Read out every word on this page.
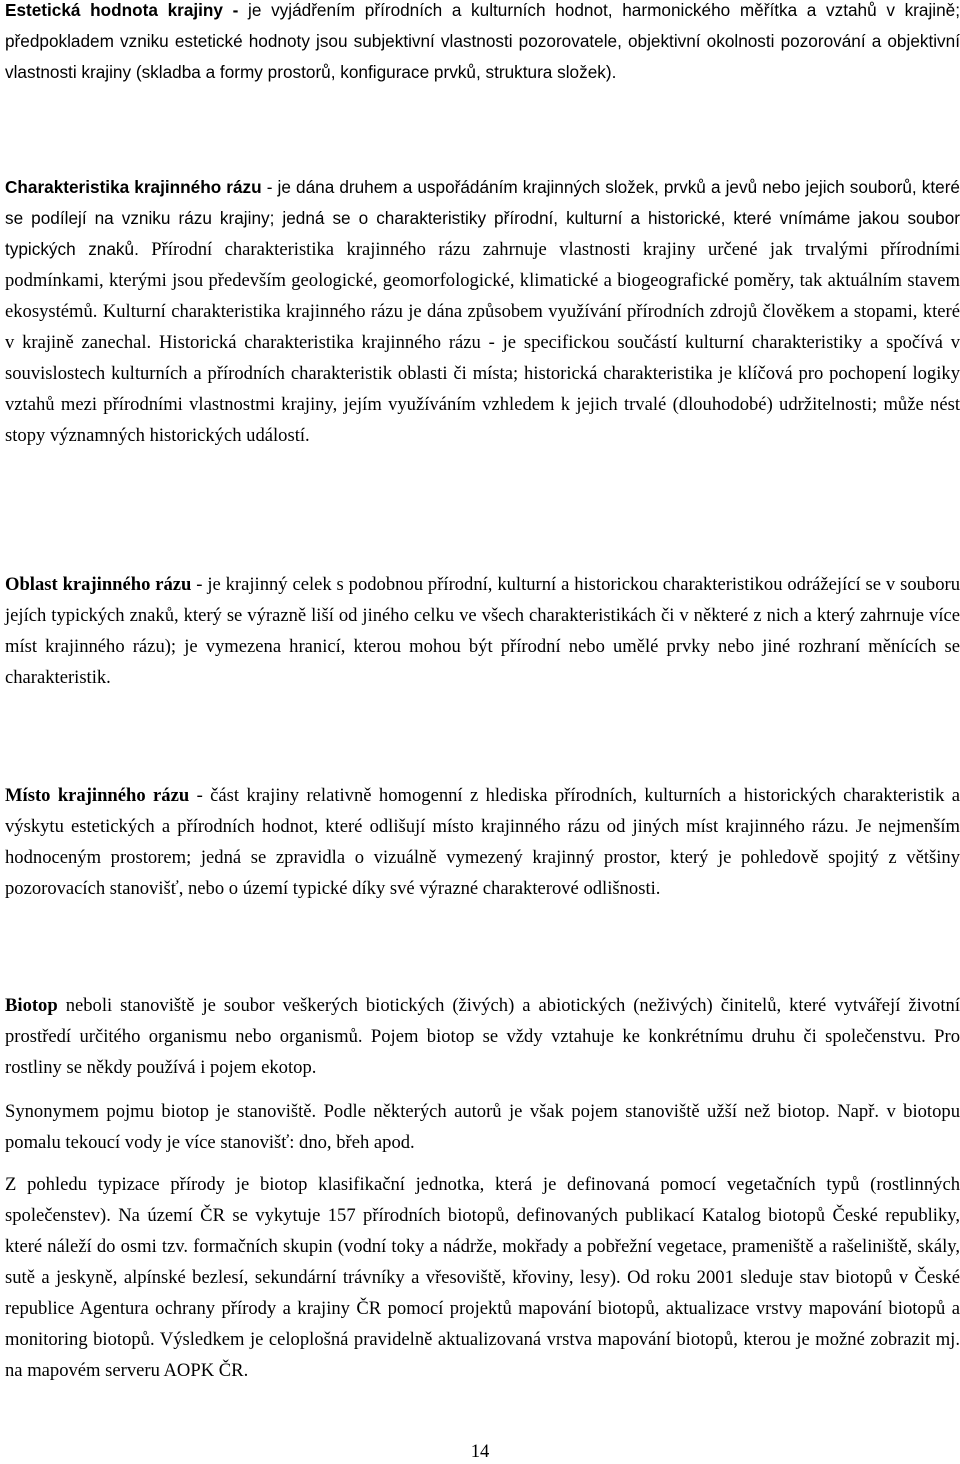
Estetická hodnota krajiny - je vyjádřením přírodních a kulturních hodnot, harmonického měřítka a vztahů v krajině; předpokladem vzniku estetické hodnoty jsou subjektivní vlastnosti pozorovatele, objektivní okolnosti pozorování a objektivní vlastnosti krajiny (skladba a formy prostorů, konfigurace prvků, struktura složek).

Charakteristika krajinného rázu - je dána druhem a uspořádáním krajinných složek, prvků a jevů nebo jejich souborů, které se podílejí na vzniku rázu krajiny; jedná se o charakteristiky přírodní, kulturní a historické, které vnímáme jakou soubor typických znaků. Přírodní charakteristika krajinného rázu zahrnuje vlastnosti krajiny určené jak trvalými přírodními podmínkami, kterými jsou především geologické, geomorfologické, klimatické a biogeografické poměry, tak aktuálním stavem ekosystémů. Kulturní charakteristika krajinného rázu je dána způsobem využívání přírodních zdrojů člověkem a stopami, které v krajině zanechal. Historická charakteristika krajinného rázu - je specifickou součástí kulturní charakteristiky a spočívá v souvislostech kulturních a přírodních charakteristik oblasti či místa; historická charakteristika je klíčová pro pochopení logiky vztahů mezi přírodními vlastnostmi krajiny, jejím využíváním vzhledem k jejich trvalé (dlouhodobé) udržitelnosti; může nést stopy významných historických událostí.

Oblast krajinného rázu - je krajinný celek s podobnou přírodní, kulturní a historickou charakteristikou odrážející se v souboru jejích typických znaků, který se výrazně liší od jiného celku ve všech charakteristikách či v některé z nich a který zahrnuje více míst krajinného rázu); je vymezena hranicí, kterou mohou být přírodní nebo umělé prvky nebo jiné rozhraní měnících se charakteristik.

Místo krajinného rázu - část krajiny relativně homogenní z hlediska přírodních, kulturních a historických charakteristik a výskytu estetických a přírodních hodnot, které odlišují místo krajinného rázu od jiných míst krajinného rázu. Je nejmenším hodnoceným prostorem; jedná se zpravidla o vizuálně vymezený krajinný prostor, který je pohledově spojitý z většiny pozorovacích stanovišť, nebo o území typické díky své výrazné charakterové odlišnosti.

Biotop neboli stanoviště je soubor veškerých biotických (živých) a abiotických (neživých) činitelů, které vytvářejí životní prostředí určitého organismu nebo organismů. Pojem biotop se vždy vztahuje ke konkrétnímu druhu či společenstvu. Pro rostliny se někdy používá i pojem ekotop.

Synonymem pojmu biotop je stanoviště. Podle některých autorů je však pojem stanoviště užší než biotop. Např. v biotopu pomalu tekoucí vody je více stanovišť: dno, břeh apod.

Z pohledu typizace přírody je biotop klasifikační jednotka, která je definovaná pomocí vegetačních typů (rostlinných společenstev). Na území ČR se vykytuje 157 přírodních biotopů, definovaných publikací Katalog biotopů České republiky, které náleží do osmi tzv. formačních skupin (vodní toky a nádrže, mokřady a pobřežní vegetace, prameniště a rašeliniště, skály, sutě a jeskyně, alpínské bezlesí, sekundární trávníky a vřesoviště, křoviny, lesy). Od roku 2001 sleduje stav biotopů v České republice Agentura ochrany přírody a krajiny ČR pomocí projektů mapování biotopů, aktualizace vrstvy mapování biotopů a monitoring biotopů. Výsledkem je celoplošná pravidelně aktualizovaná vrstva mapování biotopů, kterou je možné zobrazit mj. na mapovém serveru AOPK ČR.

14
